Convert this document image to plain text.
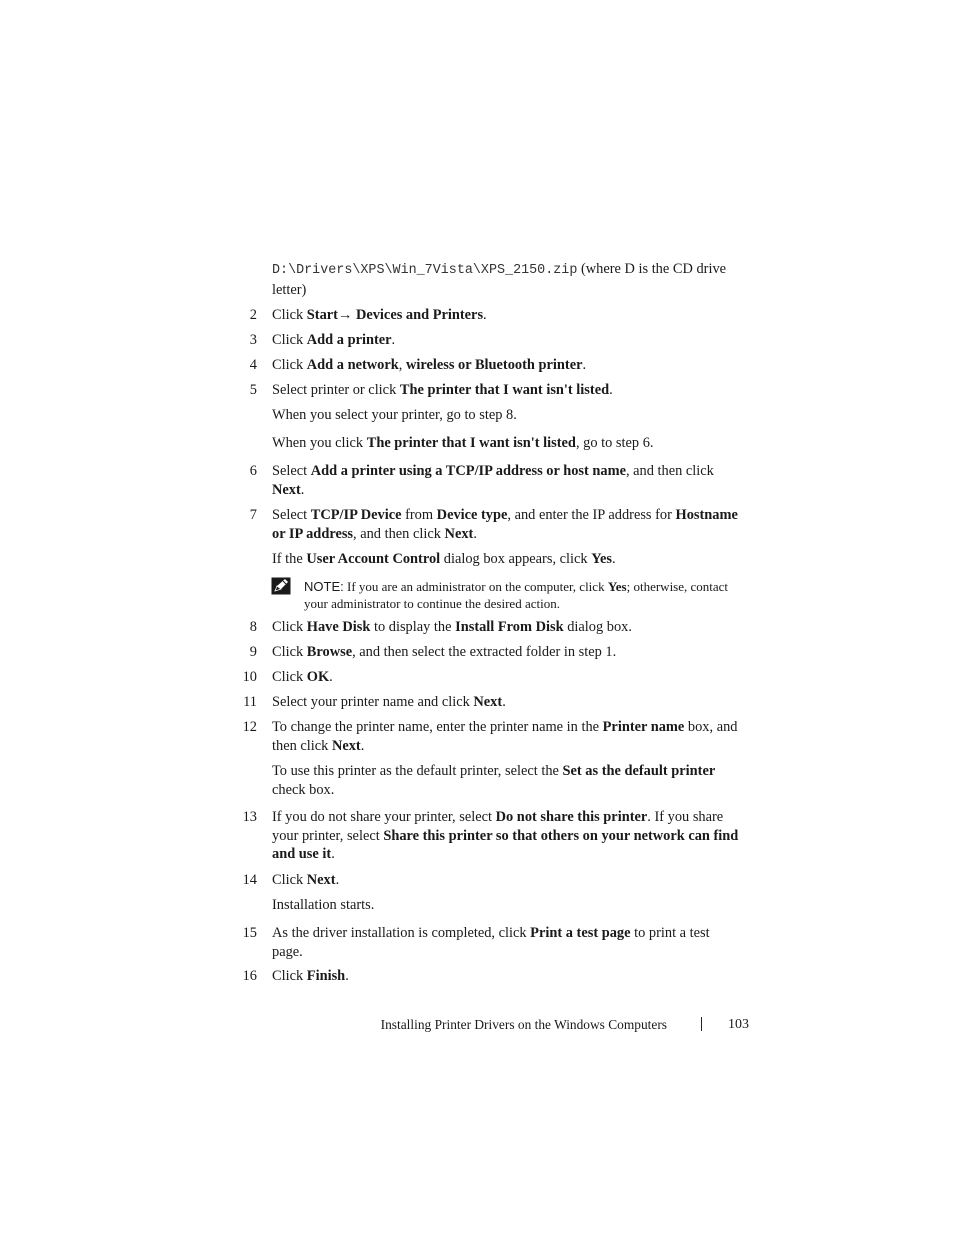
D:\Drivers\XPS\Win_7Vista\XPS_2150.zip (where D is the CD drive letter)
2 Click Start→ Devices and Printers.
3 Click Add a printer.
4 Click Add a network, wireless or Bluetooth printer.
5 Select printer or click The printer that I want isn't listed.
When you select your printer, go to step 8.
When you click The printer that I want isn't listed, go to step 6.
6 Select Add a printer using a TCP/IP address or host name, and then click Next.
7 Select TCP/IP Device from Device type, and enter the IP address for Hostname or IP address, and then click Next.
If the User Account Control dialog box appears, click Yes.
NOTE: If you are an administrator on the computer, click Yes; otherwise, contact your administrator to continue the desired action.
8 Click Have Disk to display the Install From Disk dialog box.
9 Click Browse, and then select the extracted folder in step 1.
10 Click OK.
11 Select your printer name and click Next.
12 To change the printer name, enter the printer name in the Printer name box, and then click Next.
To use this printer as the default printer, select the Set as the default printer check box.
13 If you do not share your printer, select Do not share this printer. If you share your printer, select Share this printer so that others on your network can find and use it.
14 Click Next.
Installation starts.
15 As the driver installation is completed, click Print a test page to print a test page.
16 Click Finish.
Installing Printer Drivers on the Windows Computers	103
